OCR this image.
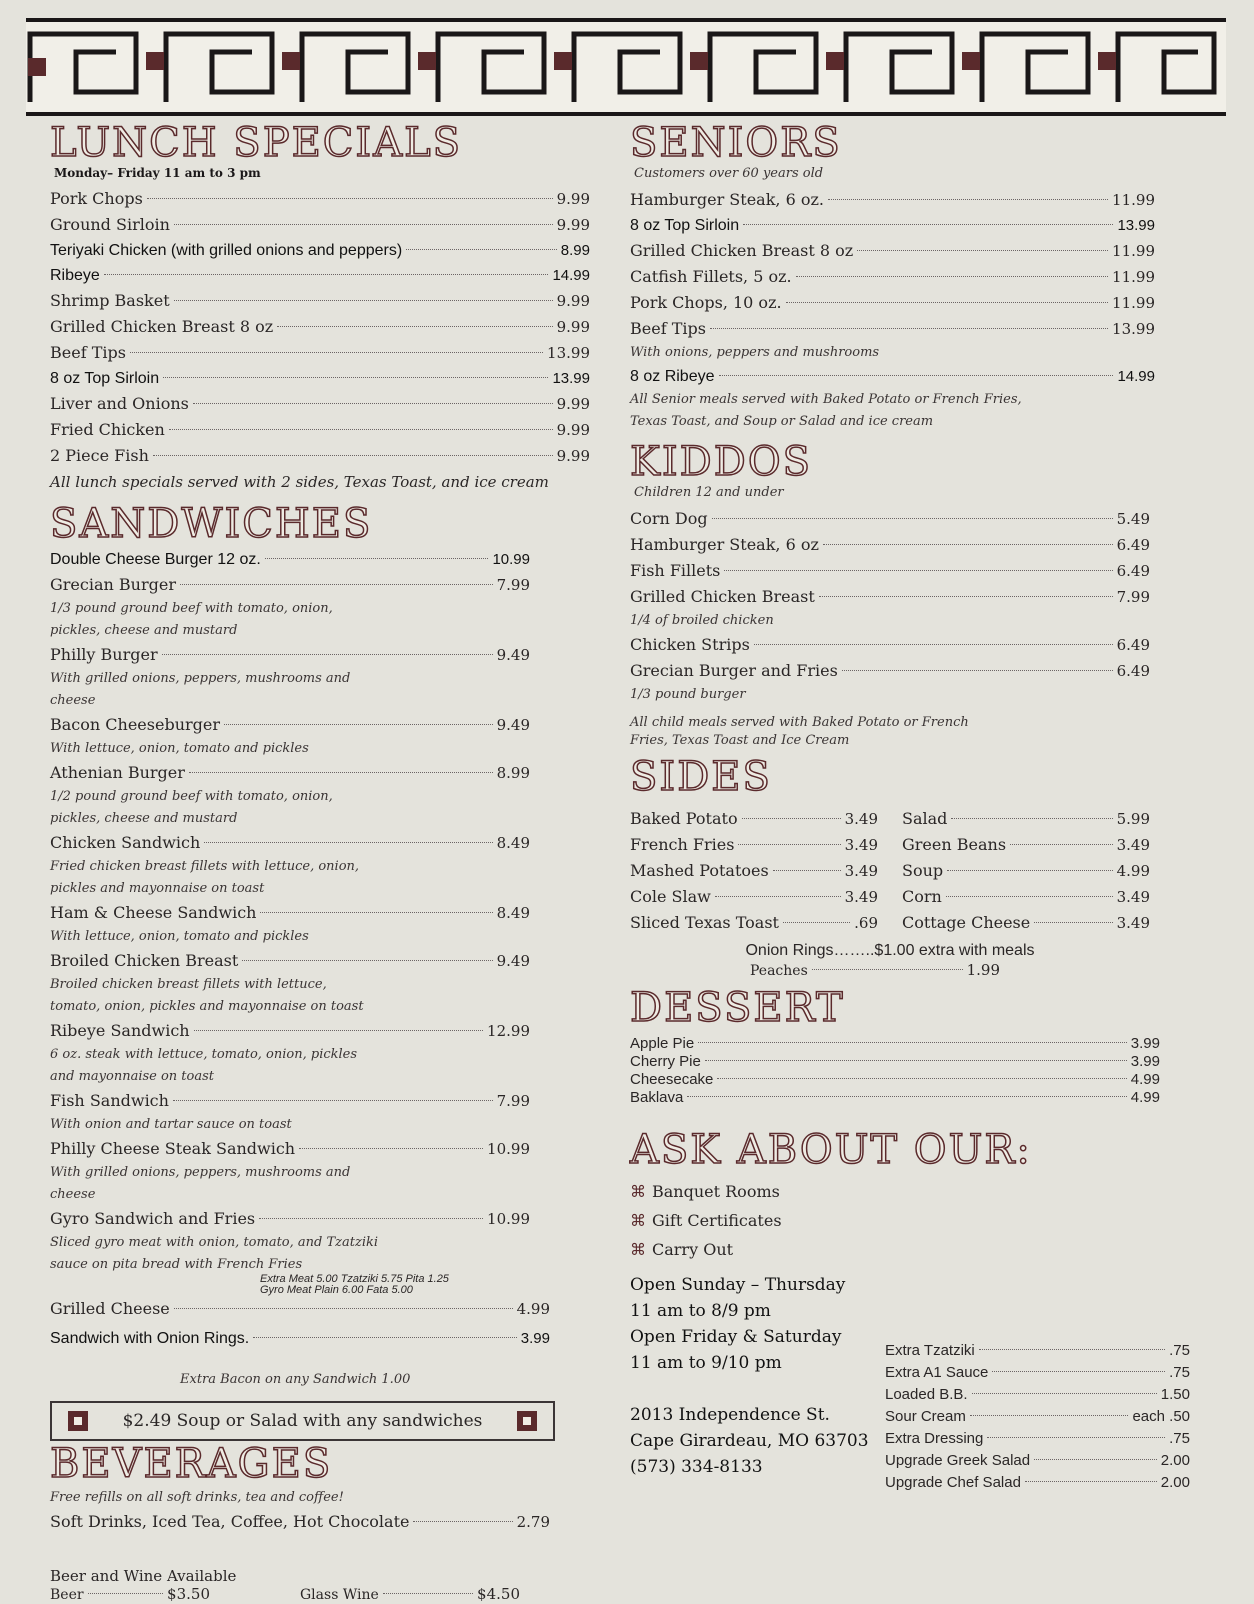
LUNCH SPECIALS
Monday– Friday 11 am to 3 pm
Pork Chops	9.99
Ground Sirloin	9.99
Teriyaki Chicken (with grilled onions and peppers)	8.99
Ribeye	14.99
Shrimp Basket	9.99
Grilled Chicken Breast 8 oz	9.99
Beef Tips	13.99
8 oz Top Sirloin	13.99
Liver and Onions	9.99
Fried Chicken	9.99
2 Piece Fish	9.99
All lunch specials served with 2 sides, Texas Toast, and ice cream
SANDWICHES
Double Cheese Burger 12 oz.	10.99
Grecian Burger	7.99
1/3 pound ground beef with tomato, onion, pickles, cheese and mustard
Philly Burger	9.49
With grilled onions, peppers, mushrooms and cheese
Bacon Cheeseburger	9.49
With lettuce, onion, tomato and pickles
Athenian Burger	8.99
1/2 pound ground beef with tomato, onion, pickles, cheese and mustard
Chicken Sandwich	8.49
Fried chicken breast fillets with lettuce, onion, pickles and mayonnaise on toast
Ham & Cheese Sandwich	8.49
With lettuce, onion, tomato and pickles
Broiled Chicken Breast	9.49
Broiled chicken breast fillets with lettuce, tomato, onion, pickles and mayonnaise on toast
Ribeye Sandwich	12.99
6 oz. steak with lettuce, tomato, onion, pickles and mayonnaise on toast
Fish Sandwich	7.99
With onion and tartar sauce on toast
Philly Cheese Steak Sandwich	10.99
With grilled onions, peppers, mushrooms and cheese
Gyro Sandwich and Fries	10.99
Sliced gyro meat with onion, tomato, and Tzatziki sauce on pita bread with French Fries
Extra Meat 5.00 Tzatziki 5.75 Pita 1.25
Gyro Meat Plain 6.00 Fata 5.00
Grilled Cheese	4.99
Sandwich with Onion Rings.	3.99
Extra Bacon on any Sandwich 1.00
$2.49 Soup or Salad with any sandwiches
BEVERAGES
Free refills on all soft drinks, tea and coffee!
Soft Drinks, Iced Tea, Coffee, Hot Chocolate	2.79
Beer and Wine Available
Beer	$3.50	Glass Wine	$4.50
SENIORS
Customers over 60 years old
Hamburger Steak, 6 oz.	11.99
8 oz Top Sirloin	13.99
Grilled Chicken Breast 8 oz	11.99
Catfish Fillets, 5 oz.	11.99
Pork Chops, 10 oz.	11.99
Beef Tips	13.99
With onions, peppers and mushrooms
8 oz Ribeye	14.99
All Senior meals served with Baked Potato or French Fries, Texas Toast, and Soup or Salad and ice cream
KIDDOS
Children 12 and under
Corn Dog	5.49
Hamburger Steak, 6 oz	6.49
Fish Fillets	6.49
Grilled Chicken Breast	7.99
1/4 of broiled chicken
Chicken Strips	6.49
Grecian Burger and Fries	6.49
1/3 pound burger
All child meals served with Baked Potato or French Fries, Texas Toast and Ice Cream
SIDES
Baked Potato	3.49
French Fries	3.49
Mashed Potatoes	3.49
Cole Slaw	3.49
Sliced Texas Toast	.69
Salad	5.99
Green Beans	3.49
Soup	4.99
Corn	3.49
Cottage Cheese	3.49
Onion Rings……..$1.00 extra with meals
Peaches	1.99
DESSERT
Apple Pie	3.99
Cherry Pie	3.99
Cheesecake	4.99
Baklava	4.99
ASK ABOUT OUR:
⌘ Banquet Rooms
⌘ Gift Certificates
⌘ Carry Out
Open Sunday – Thursday
11 am to 8/9 pm
Open Friday & Saturday
11 am to 9/10 pm
2013 Independence St.
Cape Girardeau, MO 63703
(573) 334-8133
Extra Tzatziki	.75
Extra A1 Sauce	.75
Loaded B.B.	1.50
Sour Cream	each .50
Extra Dressing	.75
Upgrade Greek Salad	2.00
Upgrade Chef Salad	2.00
